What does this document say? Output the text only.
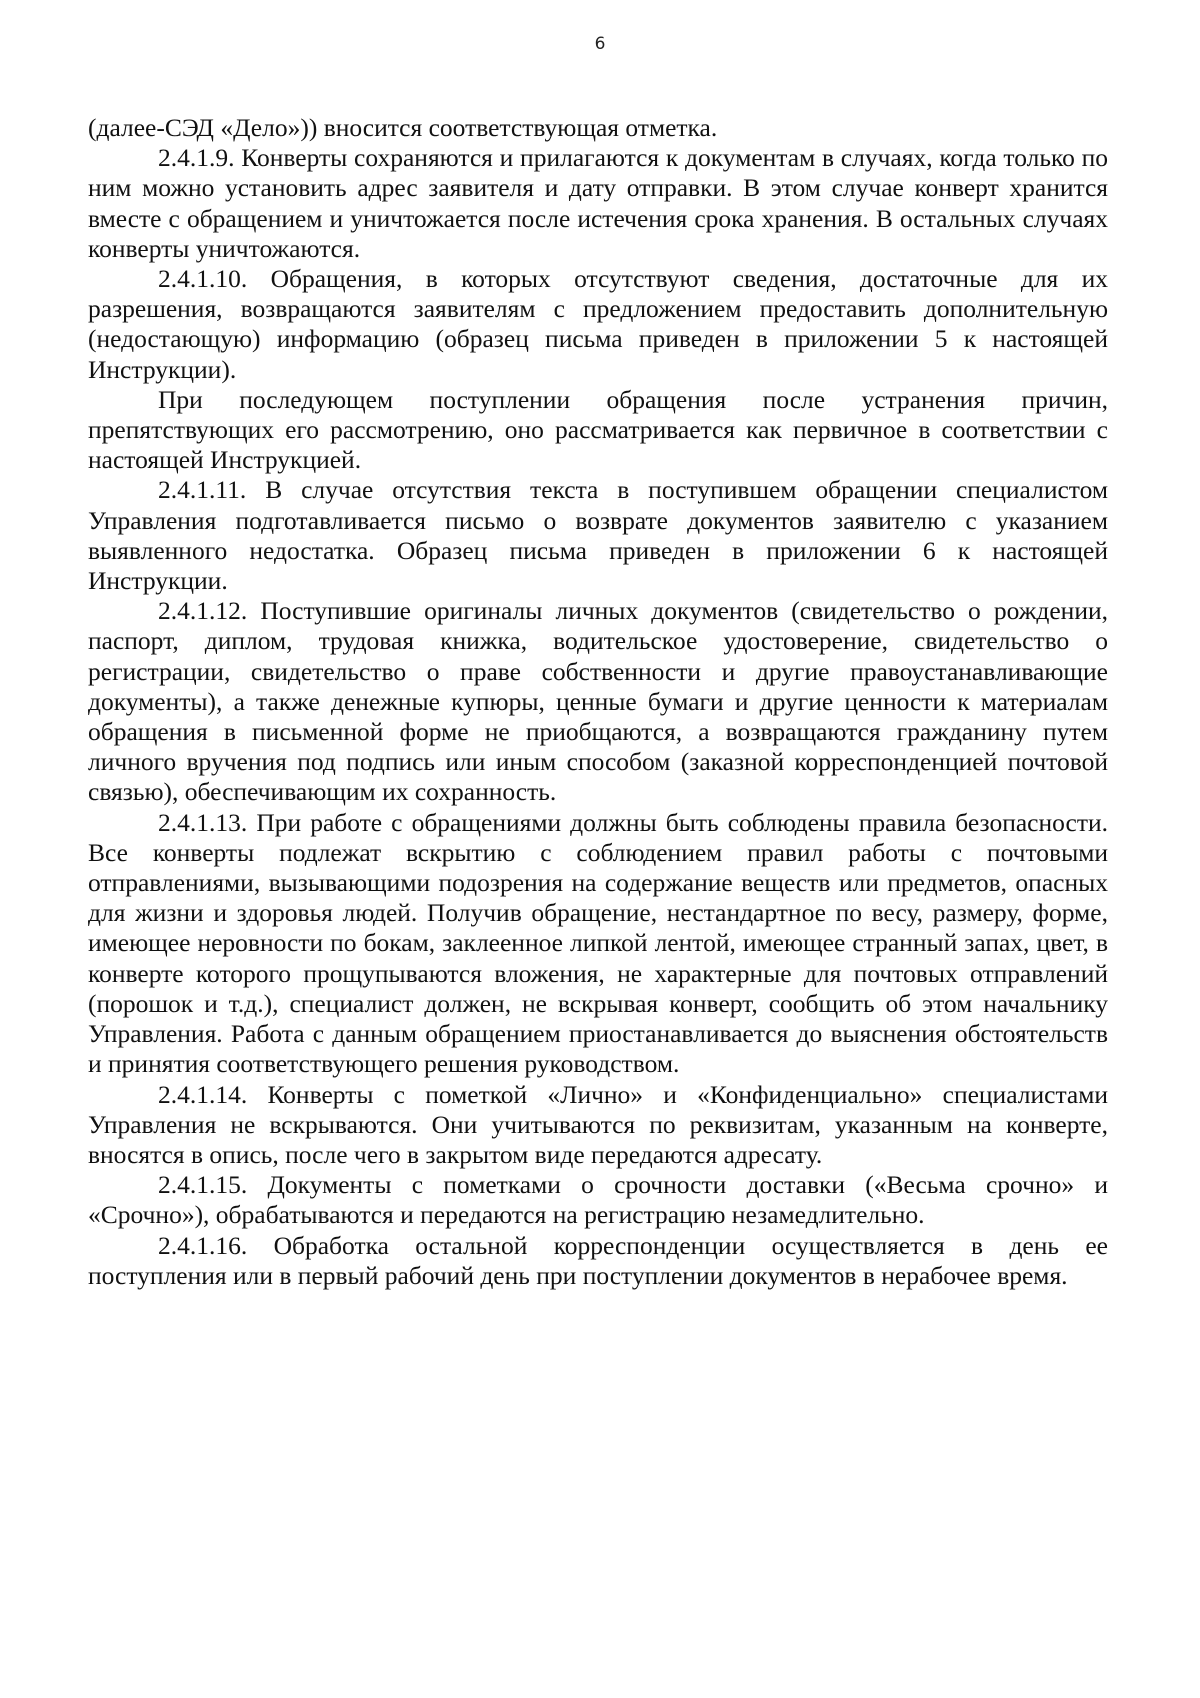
6

(далее-СЭД «Дело»)) вносится соответствующая отметка.

2.4.1.9. Конверты сохраняются и прилагаются к документам в случаях, когда только по ним можно установить адрес заявителя и дату отправки. В этом случае конверт хранится вместе с обращением и уничтожается после истечения срока хранения. В остальных случаях конверты уничтожаются.

2.4.1.10. Обращения, в которых отсутствуют сведения, достаточные для их разрешения, возвращаются заявителям с предложением предоставить дополнительную (недостающую) информацию (образец письма приведен в приложении 5 к настоящей Инструкции).

При последующем поступлении обращения после устранения причин, препятствующих его рассмотрению, оно рассматривается как первичное в соответствии с настоящей Инструкцией.

2.4.1.11. В случае отсутствия текста в поступившем обращении специалистом Управления подготавливается письмо о возврате документов заявителю с указанием выявленного недостатка. Образец письма приведен в приложении 6 к настоящей Инструкции.

2.4.1.12. Поступившие оригиналы личных документов (свидетельство о рождении, паспорт, диплом, трудовая книжка, водительское удостоверение, свидетельство о регистрации, свидетельство о праве собственности и другие правоустанавливающие документы), а также денежные купюры, ценные бумаги и другие ценности к материалам обращения в письменной форме не приобщаются, а возвращаются гражданину путем личного вручения под подпись или иным способом (заказной корреспонденцией почтовой связью), обеспечивающим их сохранность.

2.4.1.13. При работе с обращениями должны быть соблюдены правила безопасности. Все конверты подлежат вскрытию с соблюдением правил работы с почтовыми отправлениями, вызывающими подозрения на содержание веществ или предметов, опасных для жизни и здоровья людей. Получив обращение, нестандартное по весу, размеру, форме, имеющее неровности по бокам, заклеенное липкой лентой, имеющее странный запах, цвет, в конверте которого прощупываются вложения, не характерные для почтовых отправлений (порошок и т.д.), специалист должен, не вскрывая конверт, сообщить об этом начальнику Управления. Работа с данным обращением приостанавливается до выяснения обстоятельств и принятия соответствующего решения руководством.

2.4.1.14. Конверты с пометкой «Лично» и «Конфиденциально» специалистами Управления не вскрываются. Они учитываются по реквизитам, указанным на конверте, вносятся в опись, после чего в закрытом виде передаются адресату.

2.4.1.15. Документы с пометками о срочности доставки («Весьма срочно» и «Срочно»), обрабатываются и передаются на регистрацию незамедлительно.

2.4.1.16. Обработка остальной корреспонденции осуществляется в день ее поступления или в первый рабочий день при поступлении документов в нерабочее время.
